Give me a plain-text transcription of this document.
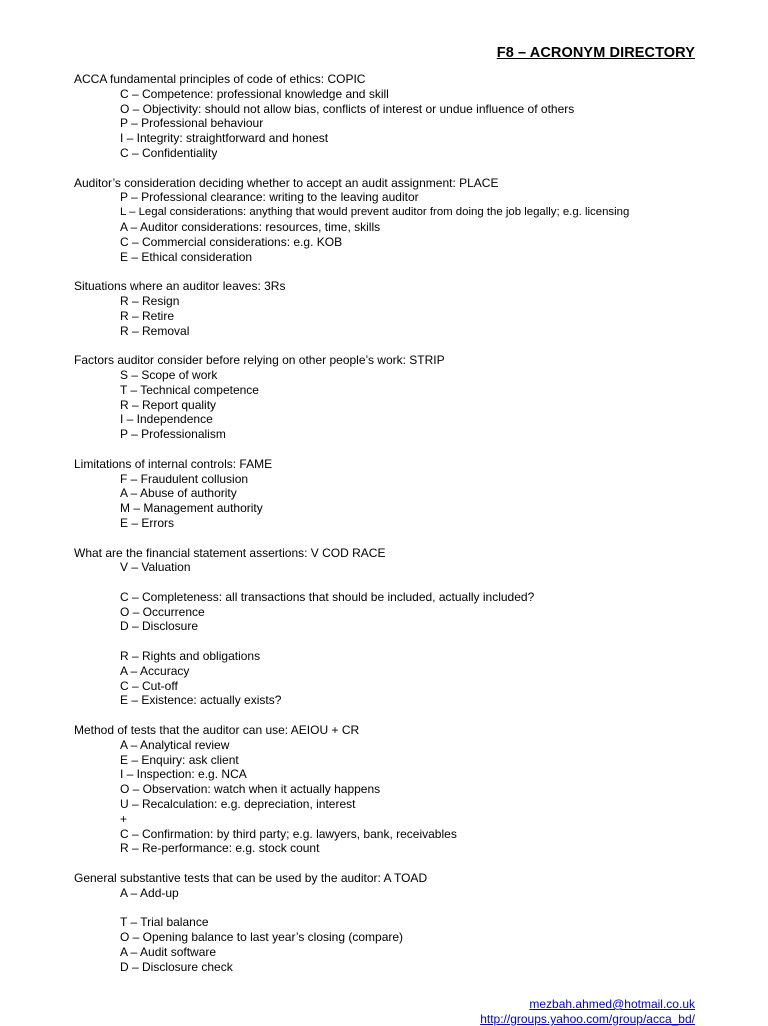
F8 – ACRONYM DIRECTORY
ACCA fundamental principles of code of ethics: COPIC
C – Competence: professional knowledge and skill
O – Objectivity: should not allow bias, conflicts of interest or undue influence of others
P – Professional behaviour
I – Integrity: straightforward and honest
C – Confidentiality
Auditor’s consideration deciding whether to accept an audit assignment: PLACE
P – Professional clearance: writing to the leaving auditor
L – Legal considerations: anything that would prevent auditor from doing the job legally; e.g. licensing
A – Auditor considerations: resources, time, skills
C – Commercial considerations: e.g. KOB
E – Ethical consideration
Situations where an auditor leaves: 3Rs
R – Resign
R – Retire
R – Removal
Factors auditor consider before relying on other people’s work: STRIP
S – Scope of work
T – Technical competence
R – Report quality
I – Independence
P – Professionalism
Limitations of internal controls: FAME
F – Fraudulent collusion
A – Abuse of authority
M – Management authority
E – Errors
What are the financial statement assertions: V COD RACE
V – Valuation
C – Completeness: all transactions that should be included, actually included?
O – Occurrence
D – Disclosure
R – Rights and obligations
A – Accuracy
C – Cut-off
E – Existence: actually exists?
Method of tests that the auditor can use: AEIOU + CR
A – Analytical review
E – Enquiry: ask client
I – Inspection: e.g. NCA
O – Observation: watch when it actually happens
U – Recalculation: e.g. depreciation, interest
+
C – Confirmation: by third party; e.g. lawyers, bank, receivables
R – Re-performance: e.g. stock count
General substantive tests that can be used by the auditor: A TOAD
A – Add-up
T – Trial balance
O – Opening balance to last year’s closing (compare)
A – Audit software
D – Disclosure check
mezbah.ahmed@hotmail.co.uk
http://groups.yahoo.com/group/acca_bd/
